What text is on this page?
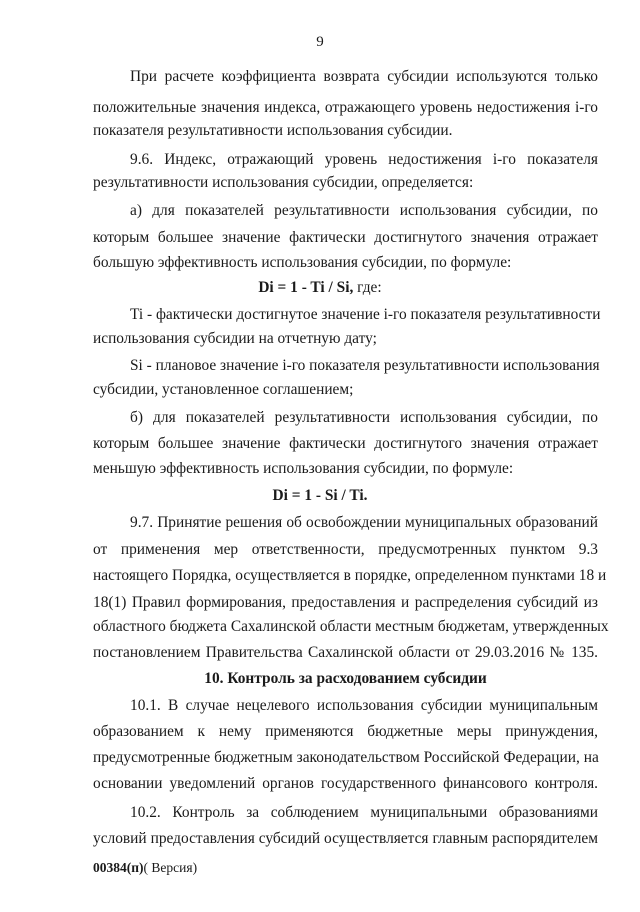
9
При расчете коэффициента возврата субсидии используются только
положительные значения индекса, отражающего уровень недостижения i-го
показателя результативности использования субсидии.
9.6. Индекс, отражающий уровень недостижения i-го показателя
результативности использования субсидии, определяется:
а) для показателей результативности использования субсидии, по
которым большее значение фактически достигнутого значения отражает
большую эффективность использования субсидии, по формуле:
Ti - фактически достигнутое значение i-го показателя результативности
использования субсидии на отчетную дату;
Si - плановое значение i-го показателя результативности использования
субсидии, установленное соглашением;
б) для показателей результативности использования субсидии, по
которым большее значение фактически достигнутого значения отражает
меньшую эффективность использования субсидии, по формуле:
9.7. Принятие решения об освобождении муниципальных образований
от применения мер ответственности, предусмотренных пунктом 9.3
настоящего Порядка, осуществляется в порядке, определенном пунктами 18 и
18(1) Правил формирования, предоставления и распределения субсидий из
областного бюджета Сахалинской области местным бюджетам, утвержденных
постановлением Правительства Сахалинской области от 29.03.2016 № 135.
10. Контроль за расходованием субсидии
10.1. В случае нецелевого использования субсидии муниципальным
образованием к нему применяются бюджетные меры принуждения,
предусмотренные бюджетным законодательством Российской Федерации, на
основании уведомлений органов государственного финансового контроля.
10.2. Контроль за соблюдением муниципальными образованиями
условий предоставления субсидий осуществляется главным распорядителем
Di = 1 - Ti / Si, где:
Di = 1 - Si / Ti.
00384(п)( Версия)
